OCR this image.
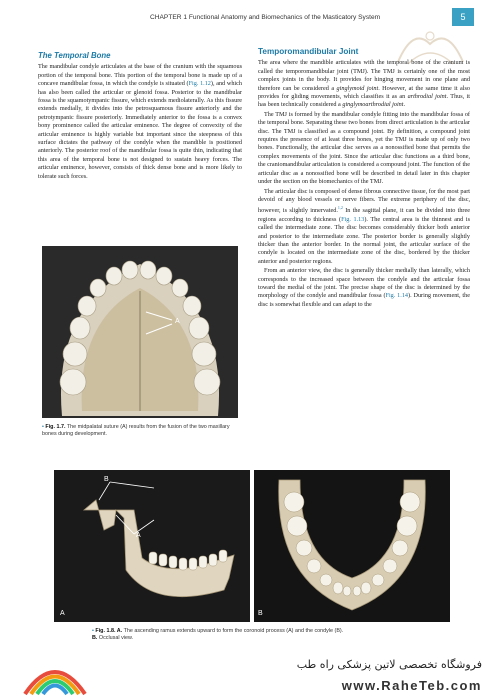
CHAPTER 1 Functional Anatomy and Biomechanics of the Masticatory System	5
The Temporal Bone

The mandibular condyle articulates at the base of the cranium with the squamous portion of the temporal bone. This portion of the temporal bone is made up of a concave mandibular fossa, in which the condyle is situated (Fig. 1.12), and which has also been called the articular or glenoid fossa. Posterior to the mandibular fossa is the squamotympanic fissure, which extends mediolaterally. As this fissure extends medially, it divides into the petrosquamous fissure anteriorly and the petrotympanic fissure posteriorly. Immediately anterior to the fossa is a convex bony prominence called the articular eminence. The degree of convexity of the articular eminence is highly variable but important since the steepness of this surface dictates the pathway of the condyle when the mandible is positioned anteriorly. The posterior roof of the mandibular fossa is quite thin, indicating that this area of the temporal bone is not designed to sustain heavy forces. The articular eminence, however, consists of thick dense bone and is more likely to tolerate such forces.

A
• Fig. 1.7. The midpalatal suture (A) results from the fusion of the two maxillary bones during development.
Temporomandibular Joint

The area where the mandible articulates with the temporal bone of the cranium is called the temporomandibular joint (TMJ). The TMJ is certainly one of the most complex joints in the body. It provides for hinging movement in one plane and therefore can be considered a ginglymoid joint. However, at the same time it also provides for gliding movements, which classifies it as an arthrodial joint. Thus, it has been technically considered a ginglymoarthrodial joint.

The TMJ is formed by the mandibular condyle fitting into the mandibular fossa of the temporal bone. Separating these two bones from direct articulation is the articular disc. The TMJ is classified as a compound joint. By definition, a compound joint requires the presence of at least three bones, yet the TMJ is made up of only two bones. Functionally, the articular disc serves as a nonossified bone that permits the complex movements of the joint. Since the articular disc functions as a third bone, the craniomandibular articulation is considered a compound joint. The function of the articular disc as a nonossified bone will be described in detail later in this chapter under the section on the biomechanics of the TMJ.

The articular disc is composed of dense fibrous connective tissue, for the most part devoid of any blood vessels or nerve fibers. The extreme periphery of the disc, however, is slightly innervated.$^{1,2}$ In the sagittal plane, it can be divided into three regions according to thickness (Fig. 1.13). The central area is the thinnest and is called the intermediate zone. The disc becomes considerably thicker both anterior and posterior to the intermediate zone. The posterior border is generally slightly thicker than the anterior border. In the normal joint, the articular surface of the condyle is located on the intermediate zone of the disc, bordered by the thicker anterior and posterior regions.

From an anterior view, the disc is generally thicker medially than laterally, which corresponds to the increased space between the condyle and the articular fossa toward the medial of the joint. The precise shape of the disc is determined by the morphology of the condyle and mandibular fossa (Fig. 1.14). During movement, the disc is somewhat flexible and can adapt to the

B
A
A	B
• Fig. 1.8. A. The ascending ramus extends upward to form the coronoid process (A) and the condyle (B).
B. Occlusal view.
فروشگاه تخصصی لاتین پزشکی راه طب
www.RaheTeb.com
